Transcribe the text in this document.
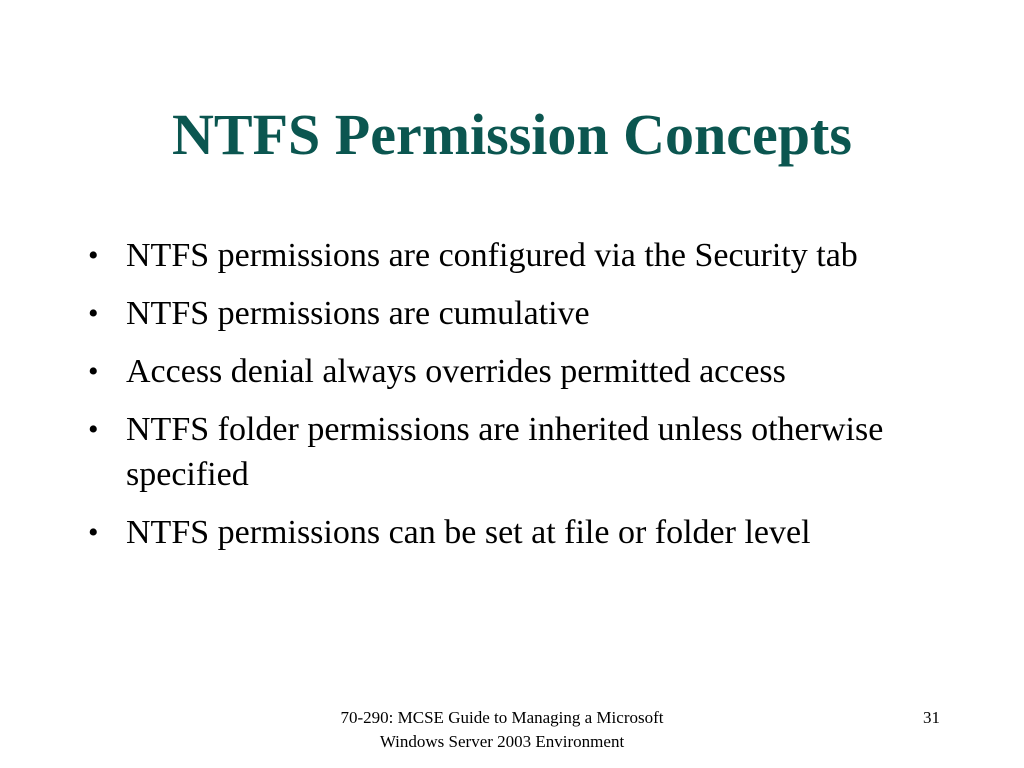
NTFS Permission Concepts
• NTFS permissions are configured via the Security tab
• NTFS permissions are cumulative
• Access denial always overrides permitted access
• NTFS folder permissions are inherited unless otherwise specified
• NTFS permissions can be set at file or folder level
70-290: MCSE Guide to Managing a Microsoft
Windows Server 2003 Environment
31
